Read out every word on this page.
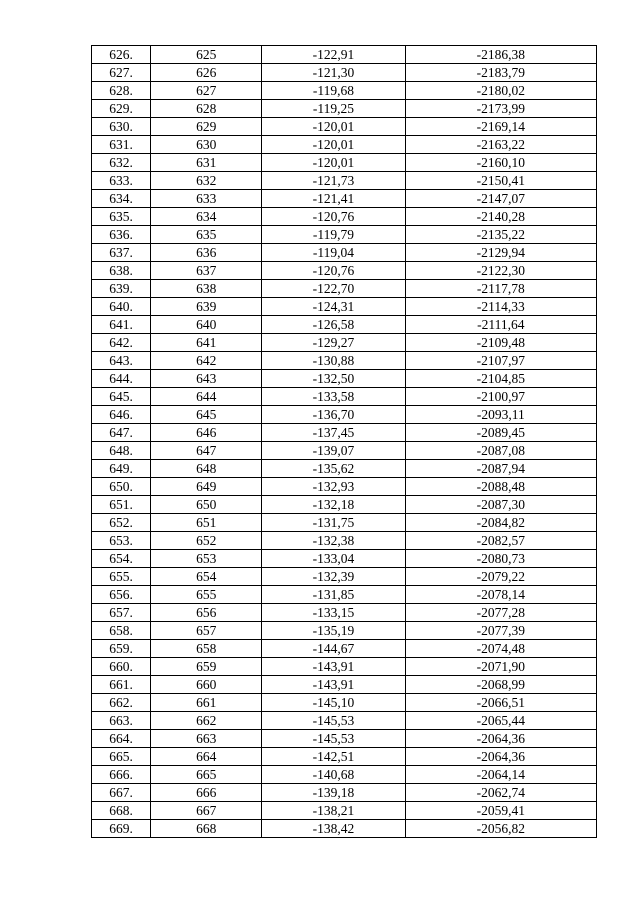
626.	625	-122,91	-2186,38
627.	626	-121,30	-2183,79
628.	627	-119,68	-2180,02
629.	628	-119,25	-2173,99
630.	629	-120,01	-2169,14
631.	630	-120,01	-2163,22
632.	631	-120,01	-2160,10
633.	632	-121,73	-2150,41
634.	633	-121,41	-2147,07
635.	634	-120,76	-2140,28
636.	635	-119,79	-2135,22
637.	636	-119,04	-2129,94
638.	637	-120,76	-2122,30
639.	638	-122,70	-2117,78
640.	639	-124,31	-2114,33
641.	640	-126,58	-2111,64
642.	641	-129,27	-2109,48
643.	642	-130,88	-2107,97
644.	643	-132,50	-2104,85
645.	644	-133,58	-2100,97
646.	645	-136,70	-2093,11
647.	646	-137,45	-2089,45
648.	647	-139,07	-2087,08
649.	648	-135,62	-2087,94
650.	649	-132,93	-2088,48
651.	650	-132,18	-2087,30
652.	651	-131,75	-2084,82
653.	652	-132,38	-2082,57
654.	653	-133,04	-2080,73
655.	654	-132,39	-2079,22
656.	655	-131,85	-2078,14
657.	656	-133,15	-2077,28
658.	657	-135,19	-2077,39
659.	658	-144,67	-2074,48
660.	659	-143,91	-2071,90
661.	660	-143,91	-2068,99
662.	661	-145,10	-2066,51
663.	662	-145,53	-2065,44
664.	663	-145,53	-2064,36
665.	664	-142,51	-2064,36
666.	665	-140,68	-2064,14
667.	666	-139,18	-2062,74
668.	667	-138,21	-2059,41
669.	668	-138,42	-2056,82
